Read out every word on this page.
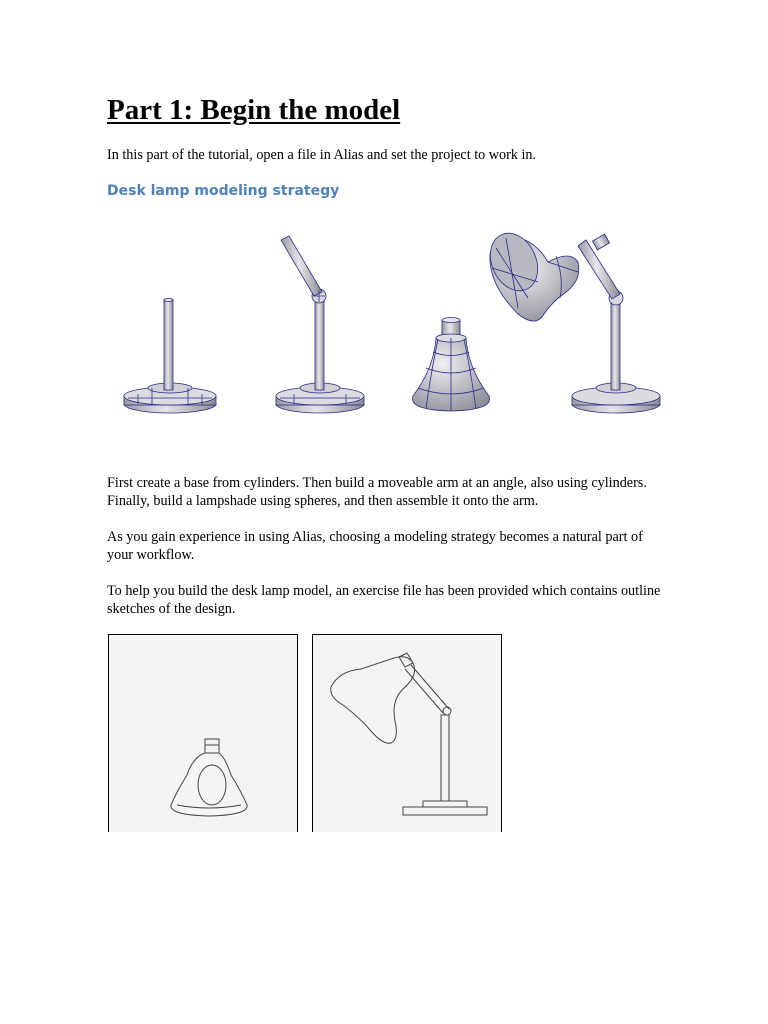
Part 1: Begin the model

In this part of the tutorial, open a file in Alias and set the project to work in.

Desk lamp modeling strategy

First create a base from cylinders. Then build a moveable arm at an angle, also using cylinders. Finally, build a lampshade using spheres, and then assemble it onto the arm.

As you gain experience in using Alias, choosing a modeling strategy becomes a natural part of your workflow.

To help you build the desk lamp model, an exercise file has been provided which contains outline sketches of the design.
